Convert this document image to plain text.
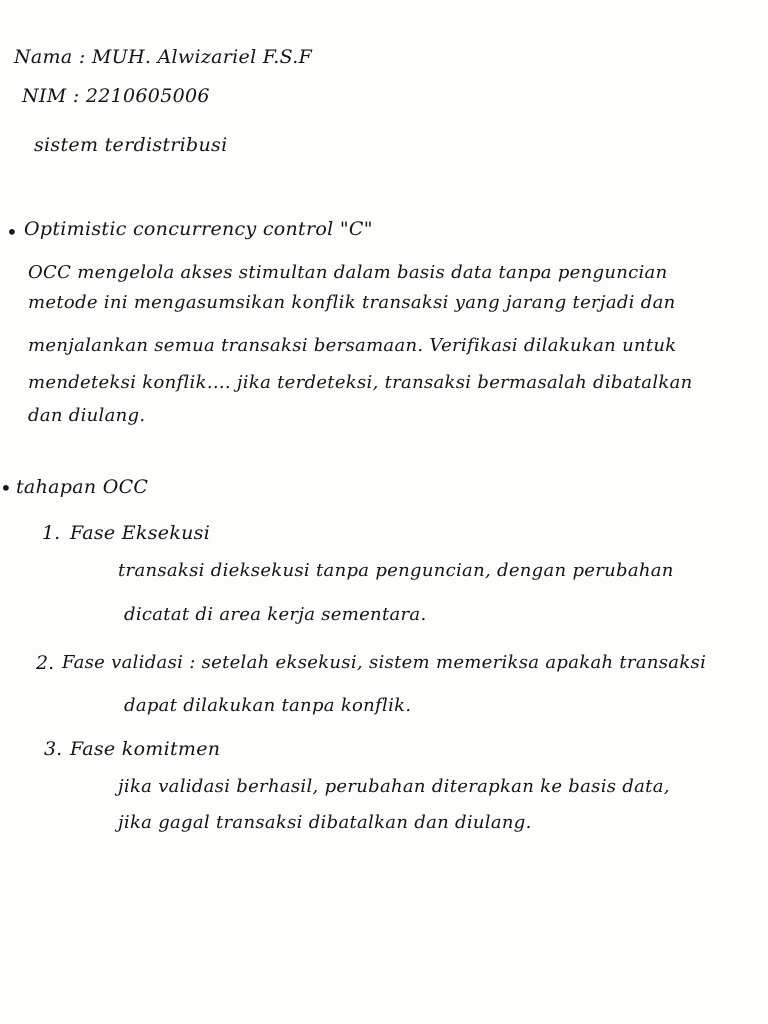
Nama : MUH. Alwizariel F.S.F
NIM : 2210605006
sistem terdistribusi
• Optimistic concurrency control "C"
OCC mengelola akses stimultan dalam basis data tanpa penguncian
metode ini mengasumsikan konflik transaksi yang jarang terjadi dan
menjalankan semua transaksi bersamaan. Verifikasi dilakukan untuk
mendeteksi konflik.... jika terdeteksi, transaksi bermasalah dibatalkan
dan diulang.
• tahapan OCC
1. Fase Eksekusi
transaksi dieksekusi tanpa penguncian, dengan perubahan
dicatat di area kerja sementara.
2. Fase validasi : setelah eksekusi, sistem memeriksa apakah transaksi
dapat dilakukan tanpa konflik.
3. Fase komitmen
jika validasi berhasil, perubahan diterapkan ke basis data,
jika gagal transaksi dibatalkan dan diulang.
